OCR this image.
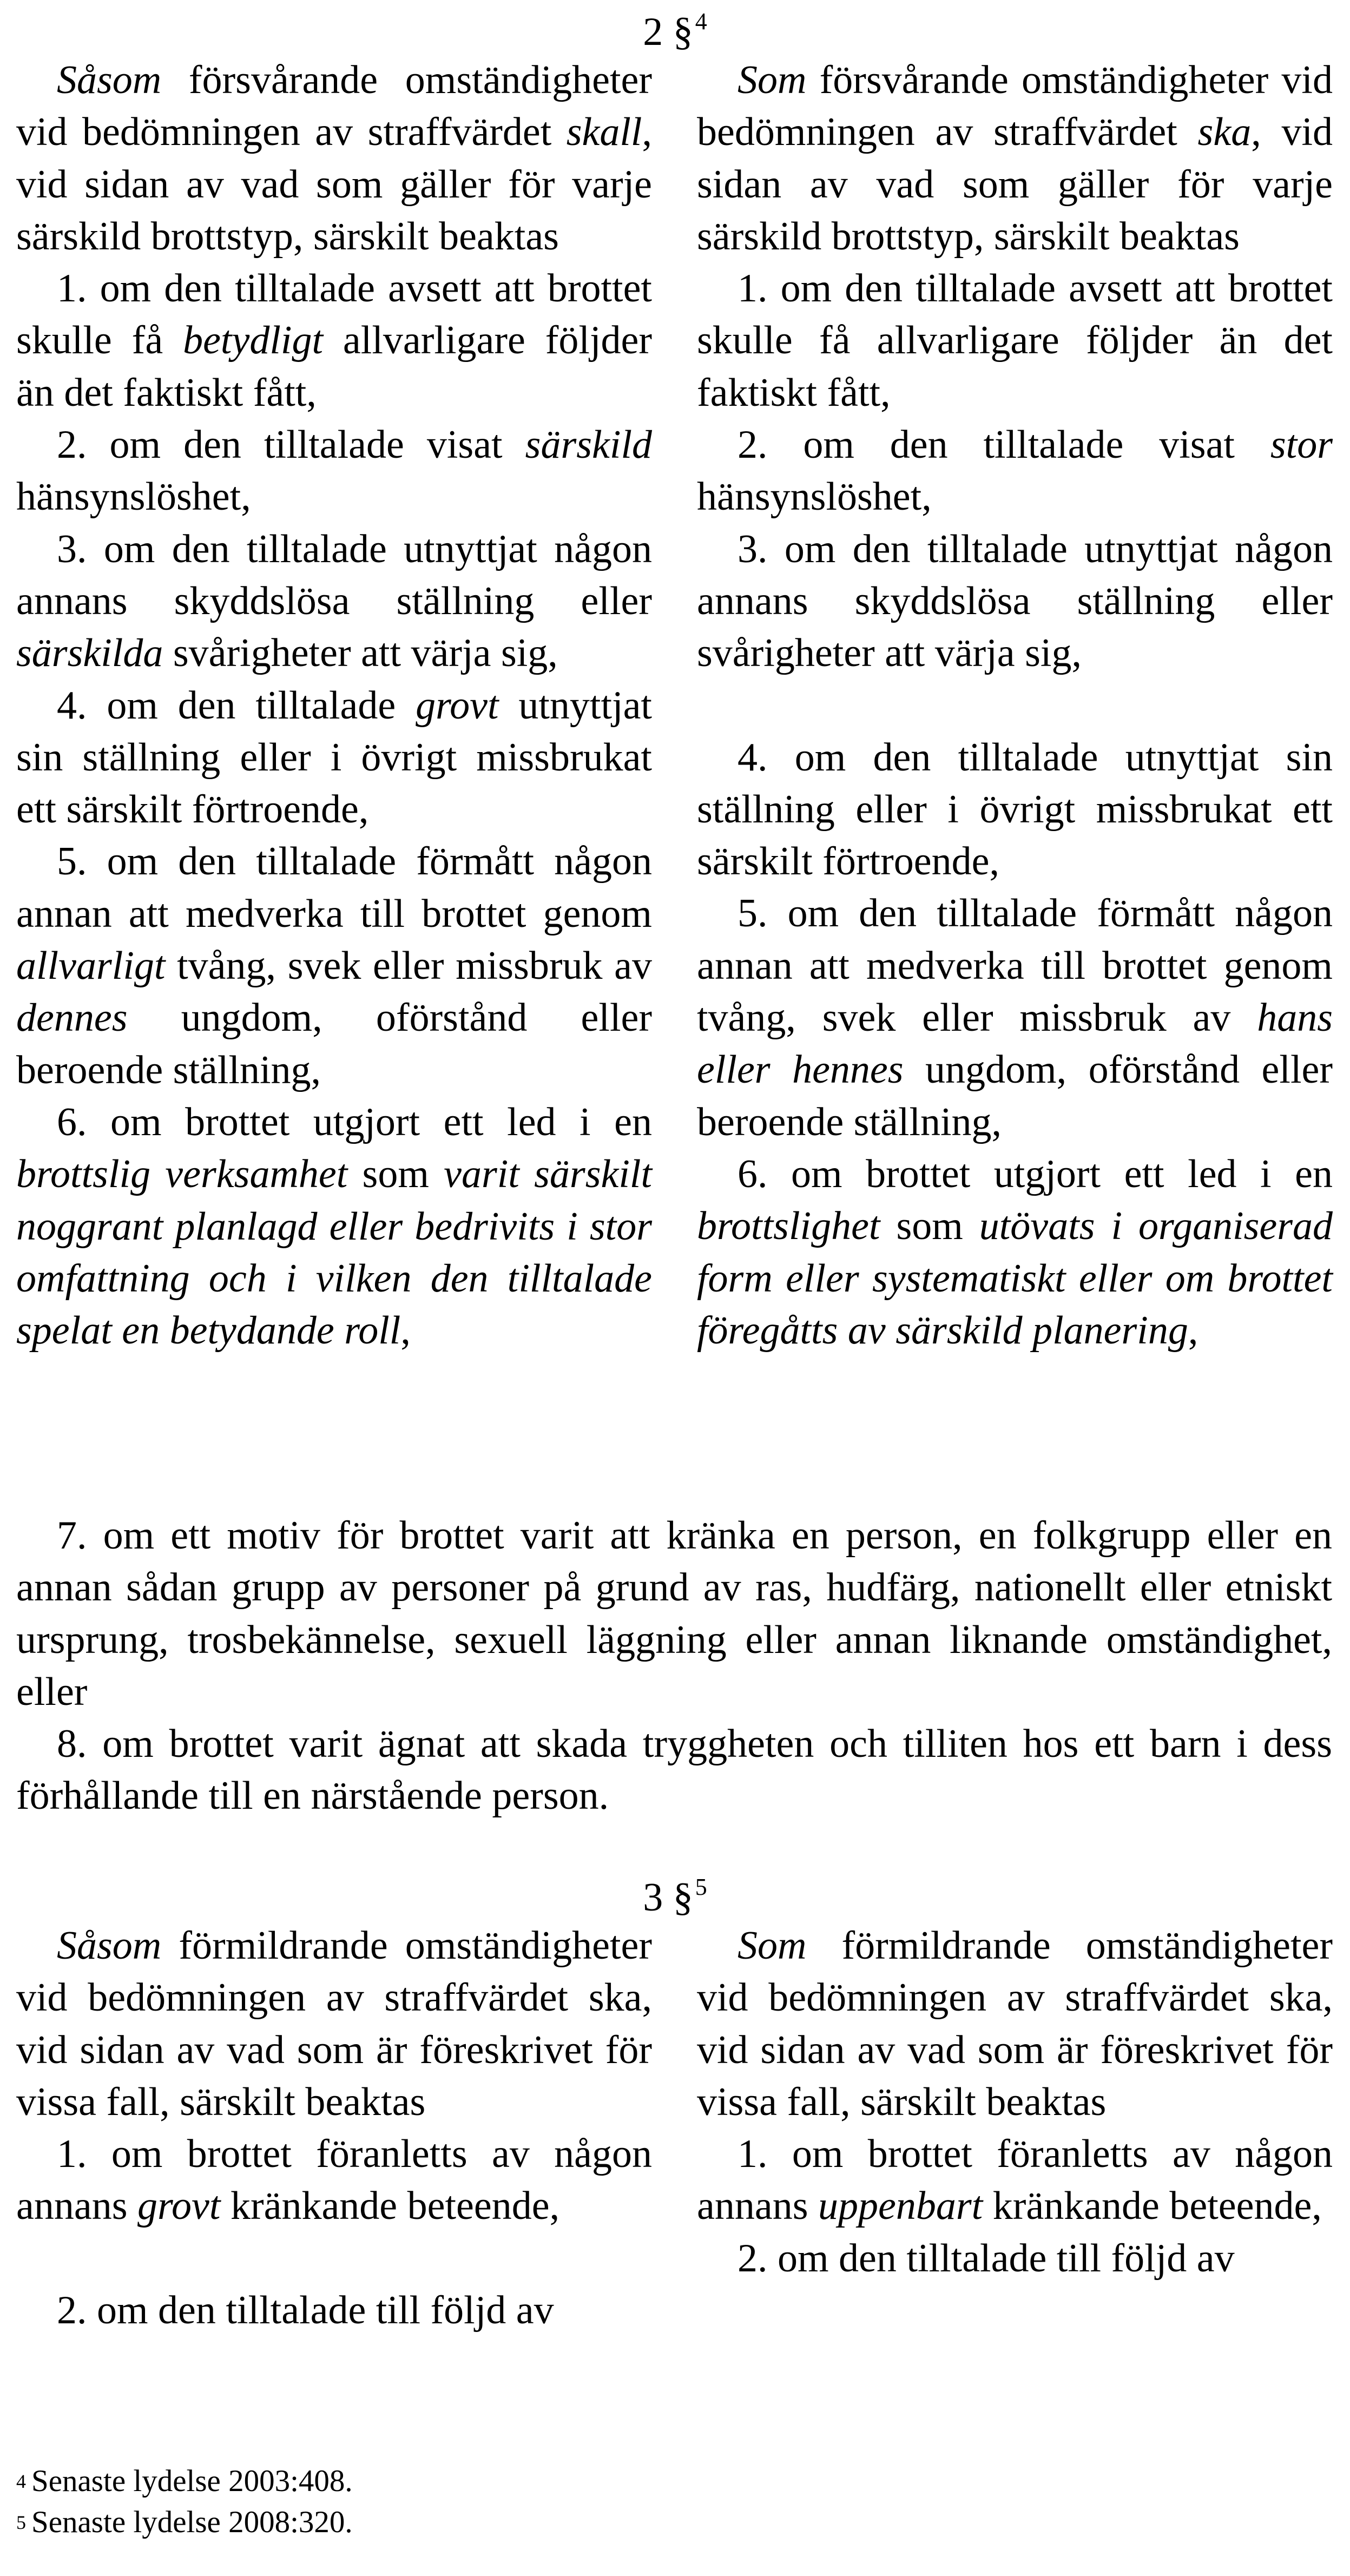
2 §$^4$

Såsom försvårande omständigheter vid bedömningen av straffvärdet skall, vid sidan av vad som gäller för varje särskild brottstyp, särskilt beaktas

1. om den tilltalade avsett att brottet skulle få betydligt allvarligare följder än det faktiskt fått,

2. om den tilltalade visat särskild hänsynslöshet,

3. om den tilltalade utnyttjat någon annans skyddslösa ställning eller särskilda svårigheter att värja sig,

4. om den tilltalade grovt utnyttjat sin ställning eller i övrigt missbrukat ett särskilt förtroende,

5. om den tilltalade förmått någon annan att medverka till brottet genom allvarligt tvång, svek eller missbruk av dennes ungdom, oförstånd eller beroende ställning,

6. om brottet utgjort ett led i en brottslig verksamhet som varit särskilt noggrant planlagd eller bedrivits i stor omfattning och i vilken den tilltalade spelat en betydande roll,

Som försvårande omständigheter vid bedömningen av straffvärdet ska, vid sidan av vad som gäller för varje särskild brottstyp, särskilt beaktas

1. om den tilltalade avsett att brottet skulle få allvarligare följder än det faktiskt fått,

2. om den tilltalade visat stor hänsynslöshet,

3. om den tilltalade utnyttjat någon annans skyddslösa ställning eller svårigheter att värja sig,

4. om den tilltalade utnyttjat sin ställning eller i övrigt missbrukat ett särskilt förtroende,

5. om den tilltalade förmått någon annan att medverka till brottet genom tvång, svek eller missbruk av hans eller hennes ungdom, oförstånd eller beroende ställning,

6. om brottet utgjort ett led i en brottslighet som utövats i organiserad form eller systematiskt eller om brottet föregåtts av särskild planering,

7. om ett motiv för brottet varit att kränka en person, en folkgrupp eller en annan sådan grupp av personer på grund av ras, hudfärg, nationellt eller etniskt ursprung, trosbekännelse, sexuell läggning eller annan liknande omständighet, eller

8. om brottet varit ägnat att skada tryggheten och tilliten hos ett barn i dess förhållande till en närstående person.

3 §$^5$

Såsom förmildrande omständigheter vid bedömningen av straffvärdet ska, vid sidan av vad som är föreskrivet för vissa fall, särskilt beaktas

1. om brottet föranletts av någon annans grovt kränkande beteende,

2. om den tilltalade till följd av

Som förmildrande omständigheter vid bedömningen av straffvärdet ska, vid sidan av vad som är föreskrivet för vissa fall, särskilt beaktas

1. om brottet föranletts av någon annans uppenbart kränkande beteende,

2. om den tilltalade till följd av

$^4$ Senaste lydelse 2003:408.

$^5$ Senaste lydelse 2008:320.
